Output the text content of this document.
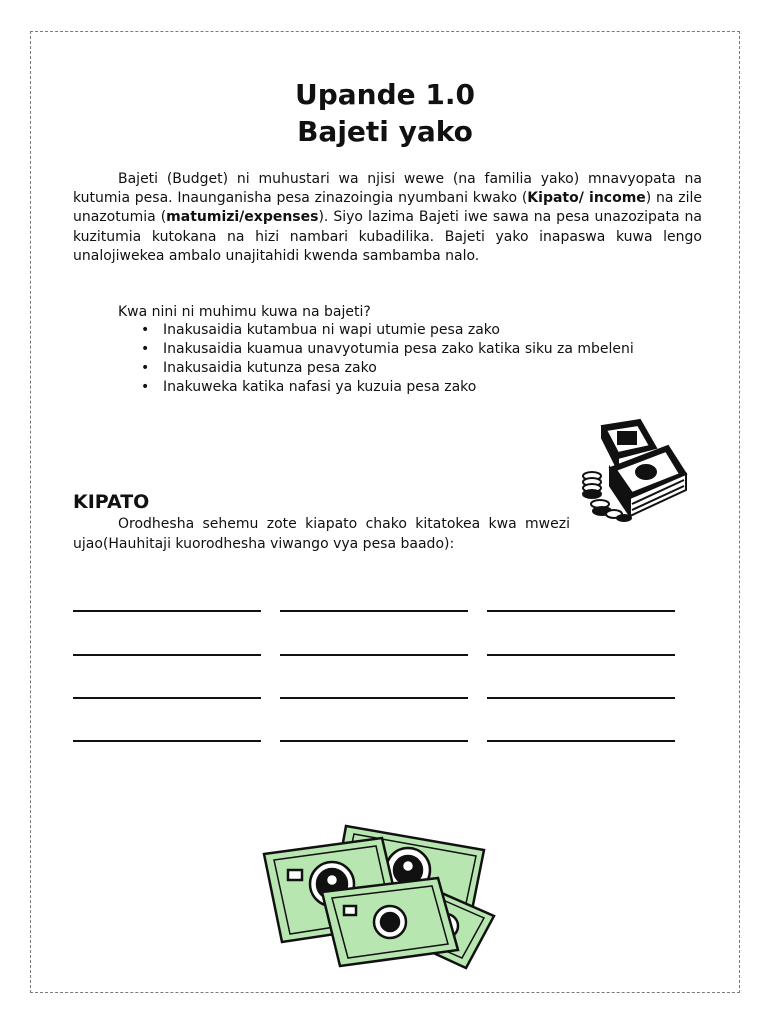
Upande 1.0
Bajeti yako

Bajeti (Budget) ni muhustari wa njisi wewe (na familia yako) mnavyopata na kutumia pesa. Inaunganisha pesa zinazoingia nyumbani kwako (Kipato/ income) na zile unazotumia (matumizi/expenses). Siyo lazima Bajeti iwe sawa na pesa unazozipata na kuzitumia kutokana na hizi nambari kubadilika. Bajeti yako inapaswa kuwa lengo unalojiwekea ambalo unajitahidi kwenda sambamba nalo.

Kwa nini ni muhimu kuwa na bajeti?

• Inakusaidia kutambua ni wapi utumie pesa zako
• Inakusaidia kuamua unavyotumia pesa zako katika siku za mbeleni
• Inakusaidia kutunza pesa zako
• Inakuweka katika nafasi ya kuzuia pesa zako
KIPATO

Orodhesha sehemu zote kiapato chako kitatokea kwa mwezi ujao(Hauhitaji kuorodhesha viwango vya pesa baado):
